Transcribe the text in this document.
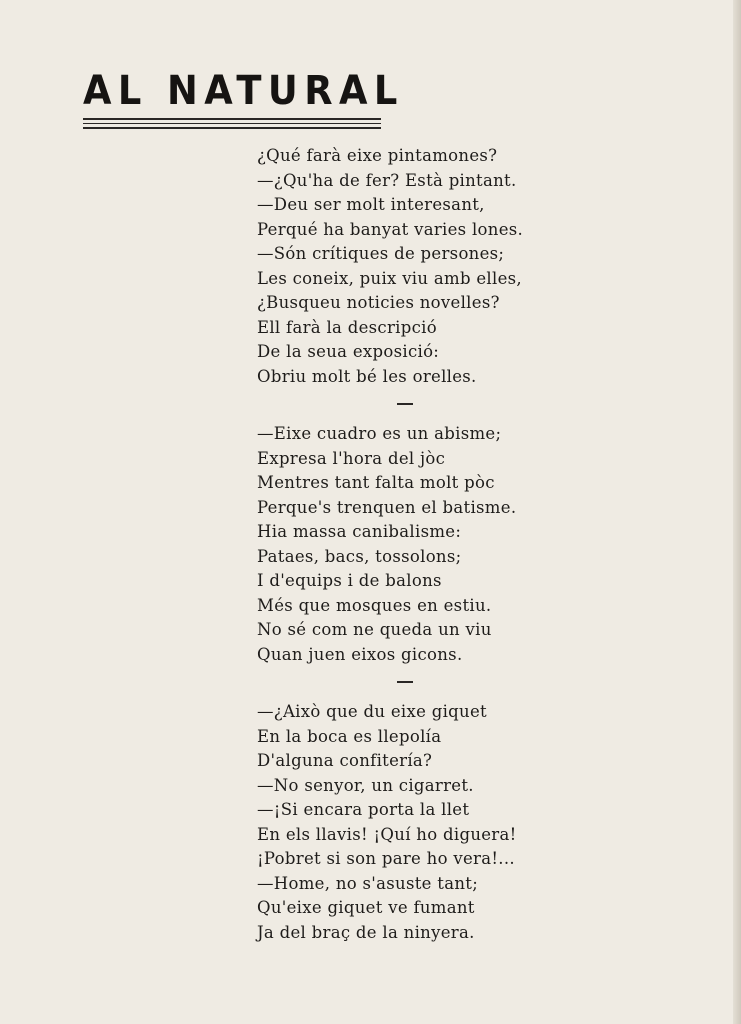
AL NATURAL
¿Qué farà eixe pintamones?
—¿Qu'ha de fer? Està pintant.
—Deu ser molt interesant,
Perqué ha banyat varies lones.
—Són crítiques de persones;
Les coneix, puix viu amb elles,
¿Busqueu noticies novelles?
Ell farà la descripció
De la seua exposició:
Obriu molt bé les orelles.
—Eixe cuadro es un abisme;
Expresa l'hora del jòc
Mentres tant falta molt pòc
Perque's trenquen el batisme.
Hia massa canibalisme:
Pataes, bacs, tossolons;
I d'equips i de balons
Més que mosques en estiu.
No sé com ne queda un viu
Quan juen eixos gicons.
—¿Això que du eixe giquet
En la boca es llepolía
D'alguna confitería?
—No senyor, un cigarret.
—¡Si encara porta la llet
En els llavis! ¡Quí ho diguera!
¡Pobret si son pare ho vera!...
—Home, no s'asuste tant;
Qu'eixe giquet ve fumant
Ja del braç de la ninyera.
